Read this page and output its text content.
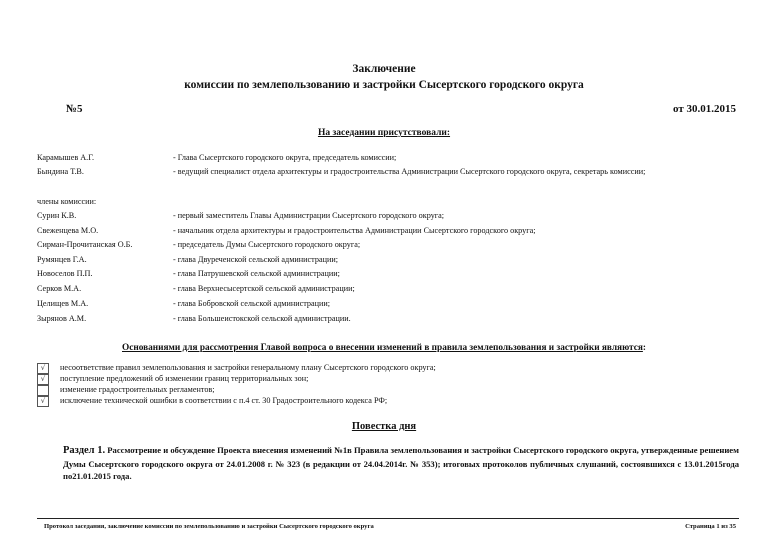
Заключение
комиссии по землепользованию и застройки Сысертского городского округа
№5	от 30.01.2015
На заседании присутствовали:
Карамышев А.Г.	- Глава Сысертского городского округа, председатель комиссии;
Бындина Т.В.	- ведущий специалист отдела архитектуры и градостроительства Администрации Сысертского городского округа, секретарь комиссии;
члены комиссии:
Сурин К.В.	- первый заместитель Главы Администрации Сысертского городского округа;
Свеженцева М.О.	- начальник отдела архитектуры и градостроительства Администрации Сысертского городского округа;
Сирман-Прочитанская О.Б.	- председатель Думы Сысертского городского округа;
Румянцев Г.А.	- глава Двуреченской сельской администрации;
Новоселов П.П.	- глава Патрушевской сельской администрации;
Серков М.А.	- глава Верхнесысертской сельской администрации;
Целищев М.А.	- глава Бобровской сельской администрации;
Зырянов А.М.	- глава Большеистокской сельской администрации.
Основаниями для рассмотрения Главой вопроса о внесении изменений в правила землепользования и застройки являются:
√	несоответствие правил землепользования и застройки генеральному плану Сысертского городского округа;
√	поступление предложений об изменении границ территориальных зон;
изменение градостроительных регламентов;
√	исключение технической ошибки в соответствии с п.4 ст. 30 Градостроительного кодекса РФ;
Повестка дня
Раздел 1. Рассмотрение и обсуждение Проекта внесения изменений №1в Правила землепользования и застройки Сысертского городского округа, утвержденные решением Думы Сысертского городского округа от 24.01.2008 г. № 323 (в редакции от 24.04.2014г. № 353); итоговых протоколов публичных слушаний, состоявшихся с 13.01.2015года по21.01.2015 года.
Протокол заседания, заключение комиссии по землепользованию и застройки Сысертского городского округа	Страница 1 из 35
